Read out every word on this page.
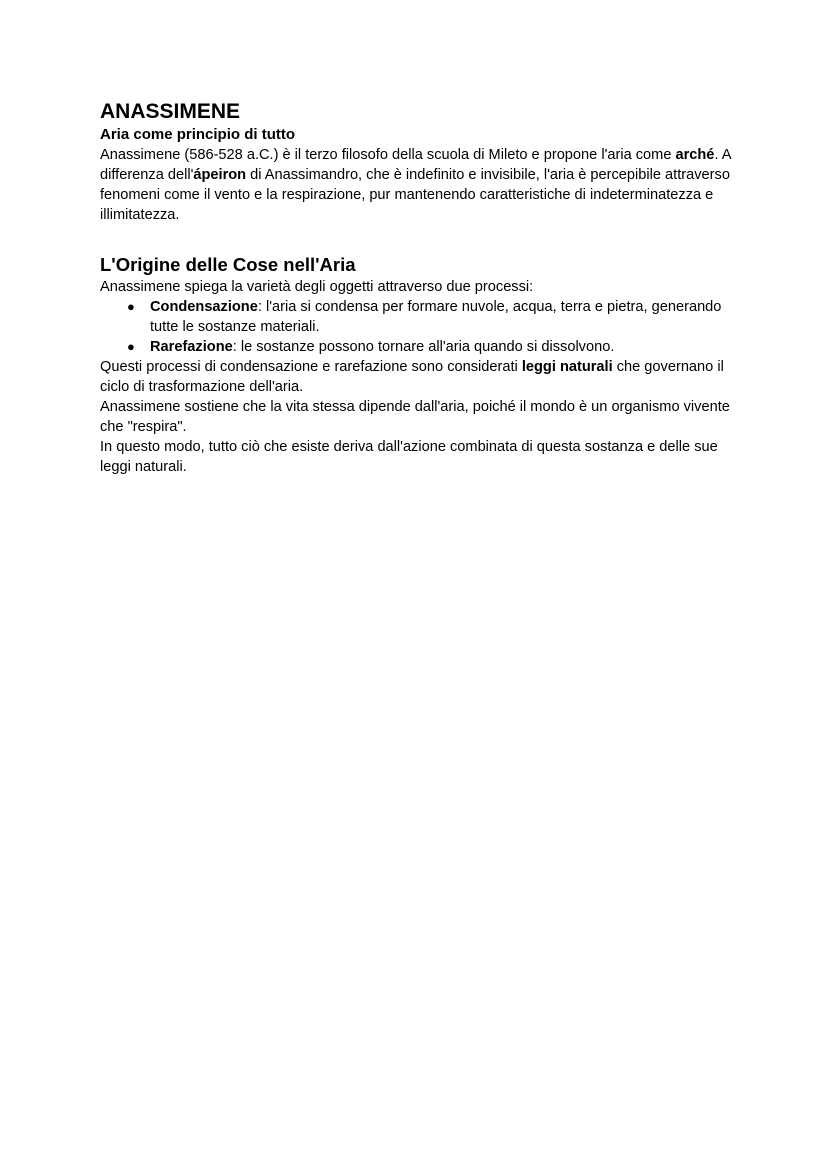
ANASSIMENE

Aria come principio di tutto

Anassimene (586-528 a.C.) è il terzo filosofo della scuola di Mileto e propone l'aria come arché. A differenza dell'ápeiron di Anassimandro, che è indefinito e invisibile, l'aria è percepibile attraverso fenomeni come il vento e la respirazione, pur mantenendo caratteristiche di indeterminatezza e illimitatezza.

L'Origine delle Cose nell'Aria

Anassimene spiega la varietà degli oggetti attraverso due processi:

● Condensazione: l'aria si condensa per formare nuvole, acqua, terra e pietra, generando tutte le sostanze materiali.
● Rarefazione: le sostanze possono tornare all'aria quando si dissolvono.

Questi processi di condensazione e rarefazione sono considerati leggi naturali che governano il ciclo di trasformazione dell'aria.

Anassimene sostiene che la vita stessa dipende dall'aria, poiché il mondo è un organismo vivente che "respira".

In questo modo, tutto ciò che esiste deriva dall'azione combinata di questa sostanza e delle sue leggi naturali.
